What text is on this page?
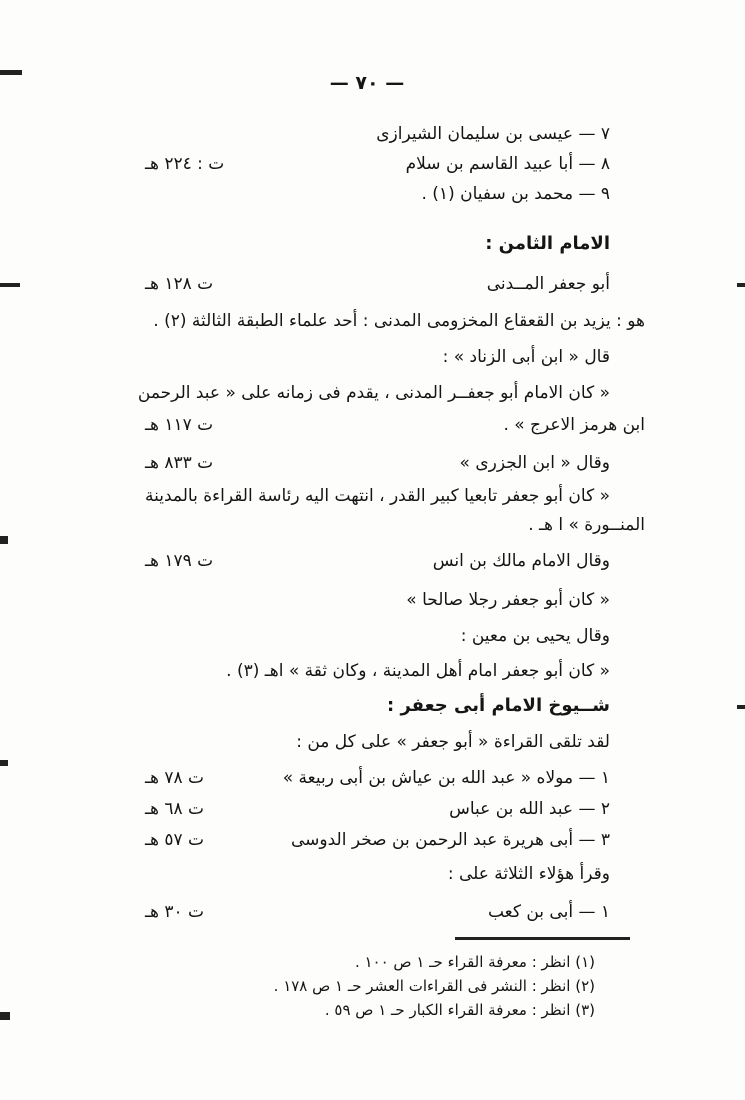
— ٧٠ —
٧ — عيسى بن سليمان الشيرازى
٨ — أبا عبيد القاسم بن سلام
ت : ٢٢٤ هـ
٩ — محمد بن سفيان (١) .
الامام الثامن :
أبو جعفر المــدنى
ت ١٢٨ هـ
هو : يزيد بن القعقاع المخزومى المدنى : أحد علماء الطبقة الثالثة (٢) .
قال « ابن أبى الزناد » :
« كان الامام أبو جعفــر المدنى ، يقدم فى زمانه على « عبد الرحمن
ابن هرمز الاعرج » .
ت ١١٧ هـ
وقال « ابن الجزرى »
ت ٨٣٣ هـ
« كان أبو جعفر تابعيا كبير القدر ، انتهت اليه رئاسة القراءة بالمدينة
المنــورة » ا هـ .
وقال الامام مالك بن انس
ت ١٧٩ هـ
« كان أبو جعفر رجلا صالحا »
وقال يحيى بن معين :
« كان أبو جعفر امام أهل المدينة ، وكان ثقة » اهـ (٣) .
شــيوخ الامام أبى جعفر :
لقد تلقى القراءة « أبو جعفر » على كل من :
١ — مولاه « عبد الله بن عياش بن أبى ربيعة »
ت ٧٨ هـ
٢ — عبد الله بن عباس
ت ٦٨ هـ
٣ — أبى هريرة عبد الرحمن بن صخر الدوسى
ت ٥٧ هـ
وقرأ هؤلاء الثلاثة على :
١ — أبى بن كعب
ت ٣٠ هـ
(١) انظر : معرفة القراء حـ ١ ص ١٠٠ .
(٢) انظر : النشر فى القراءات العشر حـ ١ ص ١٧٨ .
(٣) انظر : معرفة القراء الكبار حـ ١ ص ٥٩ .
